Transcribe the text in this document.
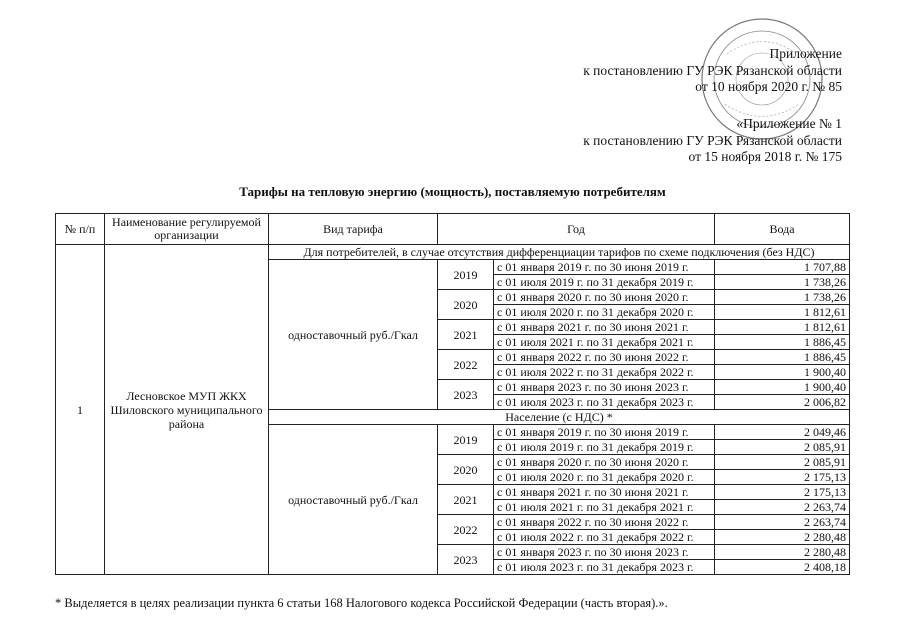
Приложение
к постановлению ГУ РЭК Рязанской области
от 10 ноября 2020 г. № 85
«Приложение № 1
к постановлению ГУ РЭК Рязанской области
от 15 ноября 2018 г. № 175
Тарифы на тепловую энергию (мощность), поставляемую потребителям
№ п/п	Наименование регулируемой организации	Вид тарифа	Год		Вода
1	Лесновское МУП ЖКХ Шиловского муниципального района	Для потребителей, в случае отсутствия дифференциации тарифов по схеме подключения (без НДС)			
		одноставочный руб./Гкал	2019	с 01 января 2019 г. по 30 июня 2019 г.	1 707,88
				с 01 июля 2019 г. по 31 декабря 2019 г.	1 738,26
			2020	с 01 января 2020 г. по 30 июня 2020 г.	1 738,26
				с 01 июля 2020 г. по 31 декабря 2020 г.	1 812,61
			2021	с 01 января 2021 г. по 30 июня 2021 г.	1 812,61
				с 01 июля 2021 г. по 31 декабря 2021 г.	1 886,45
			2022	с 01 января 2022 г. по 30 июня 2022 г.	1 886,45
				с 01 июля 2022 г. по 31 декабря 2022 г.	1 900,40
			2023	с 01 января 2023 г. по 30 июня 2023 г.	1 900,40
				с 01 июля 2023 г. по 31 декабря 2023 г.	2 006,82
		Население (с НДС) *			
		одноставочный руб./Гкал	2019	с 01 января 2019 г. по 30 июня 2019 г.	2 049,46
				с 01 июля 2019 г. по 31 декабря 2019 г.	2 085,91
			2020	с 01 января 2020 г. по 30 июня 2020 г.	2 085,91
				с 01 июля 2020 г. по 31 декабря 2020 г.	2 175,13
			2021	с 01 января 2021 г. по 30 июня 2021 г.	2 175,13
				с 01 июля 2021 г. по 31 декабря 2021 г.	2 263,74
			2022	с 01 января 2022 г. по 30 июня 2022 г.	2 263,74
				с 01 июля 2022 г. по 31 декабря 2022 г.	2 280,48
			2023	с 01 января 2023 г. по 30 июня 2023 г.	2 280,48
				с 01 июля 2023 г. по 31 декабря 2023 г.	2 408,18
* Выделяется в целях реализации пункта 6 статьи 168 Налогового кодекса Российской Федерации (часть вторая).».
